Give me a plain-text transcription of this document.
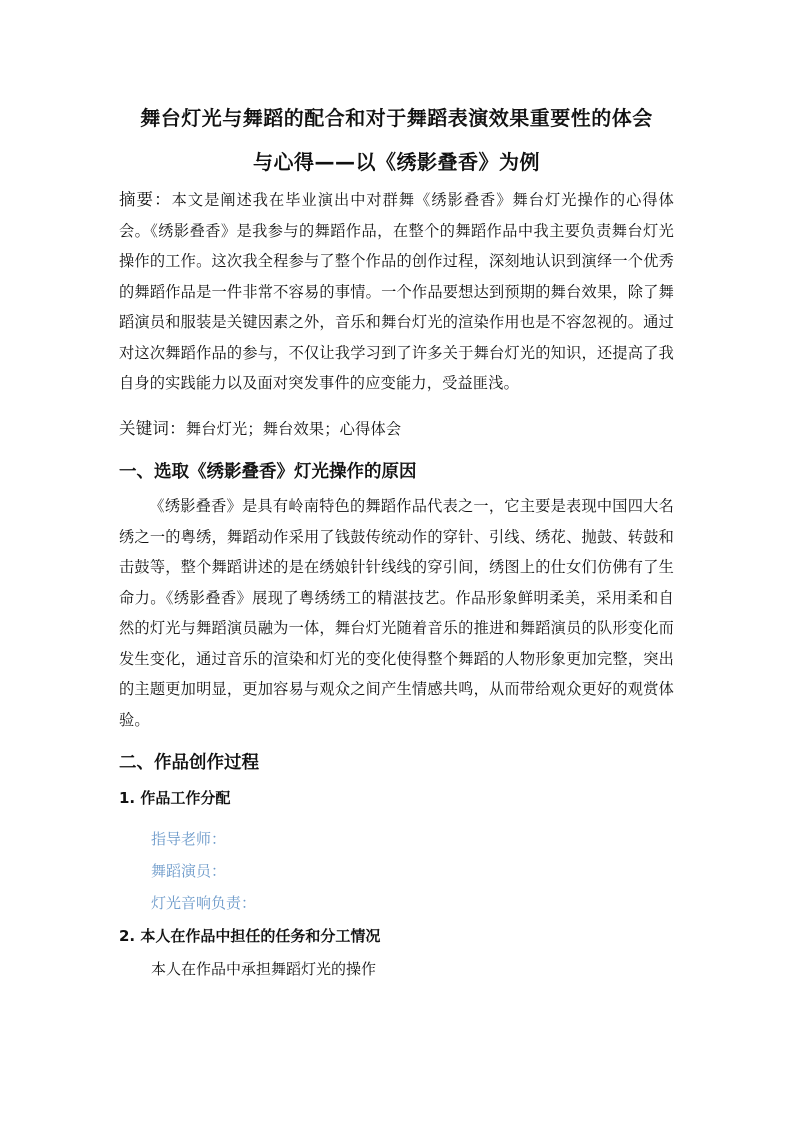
舞台灯光与舞蹈的配合和对于舞蹈表演效果重要性的体会
与心得——以《绣影叠香》为例
摘要：本文是阐述我在毕业演出中对群舞《绣影叠香》舞台灯光操作的心得体会。《绣影叠香》是我参与的舞蹈作品，在整个的舞蹈作品中我主要负责舞台灯光操作的工作。这次我全程参与了整个作品的创作过程，深刻地认识到演绎一个优秀的舞蹈作品是一件非常不容易的事情。一个作品要想达到预期的舞台效果，除了舞蹈演员和服装是关键因素之外，音乐和舞台灯光的渲染作用也是不容忽视的。通过对这次舞蹈作品的参与，不仅让我学习到了许多关于舞台灯光的知识，还提高了我自身的实践能力以及面对突发事件的应变能力，受益匪浅。
关键词：舞台灯光；舞台效果；心得体会
一、选取《绣影叠香》灯光操作的原因
《绣影叠香》是具有岭南特色的舞蹈作品代表之一，它主要是表现中国四大名绣之一的粤绣，舞蹈动作采用了钱鼓传统动作的穿针、引线、绣花、抛鼓、转鼓和击鼓等，整个舞蹈讲述的是在绣娘针针线线的穿引间，绣图上的仕女们仿佛有了生命力。《绣影叠香》展现了粤绣绣工的精湛技艺。作品形象鲜明柔美，采用柔和自然的灯光与舞蹈演员融为一体，舞台灯光随着音乐的推进和舞蹈演员的队形变化而发生变化，通过音乐的渲染和灯光的变化使得整个舞蹈的人物形象更加完整，突出的主题更加明显，更加容易与观众之间产生情感共鸣，从而带给观众更好的观赏体验。
二、作品创作过程
1. 作品工作分配
指导老师：
舞蹈演员：
灯光音响负责：
2. 本人在作品中担任的任务和分工情况
本人在作品中承担舞蹈灯光的操作
